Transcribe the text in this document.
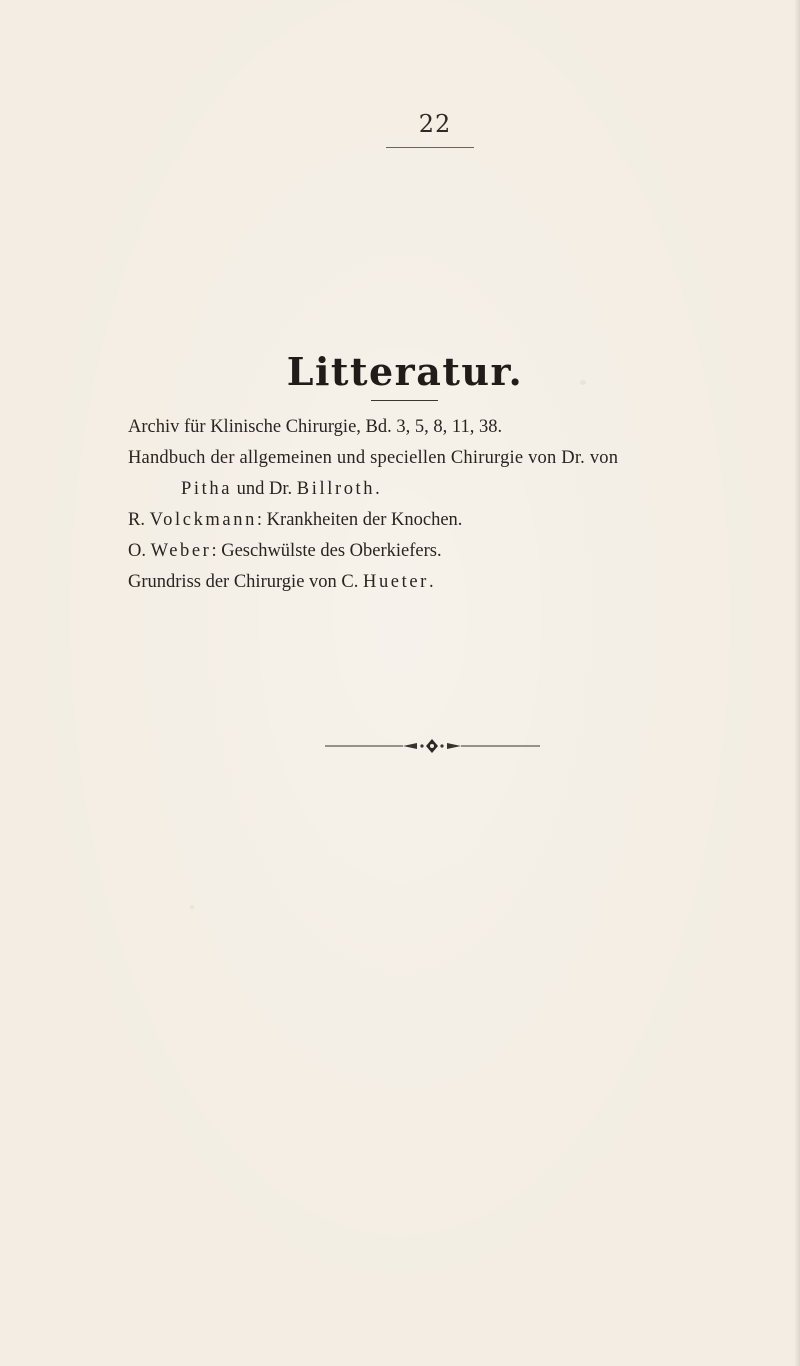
22
Litteratur.
Archiv für Klinische Chirurgie, Bd. 3, 5, 8, 11, 38.
Handbuch der allgemeinen und speciellen Chirurgie von Dr. von
Pitha und Dr. Billroth.
R. Volckmann: Krankheiten der Knochen.
O. Weber: Geschwülste des Oberkiefers.
Grundriss der Chirurgie von C. Hueter.
